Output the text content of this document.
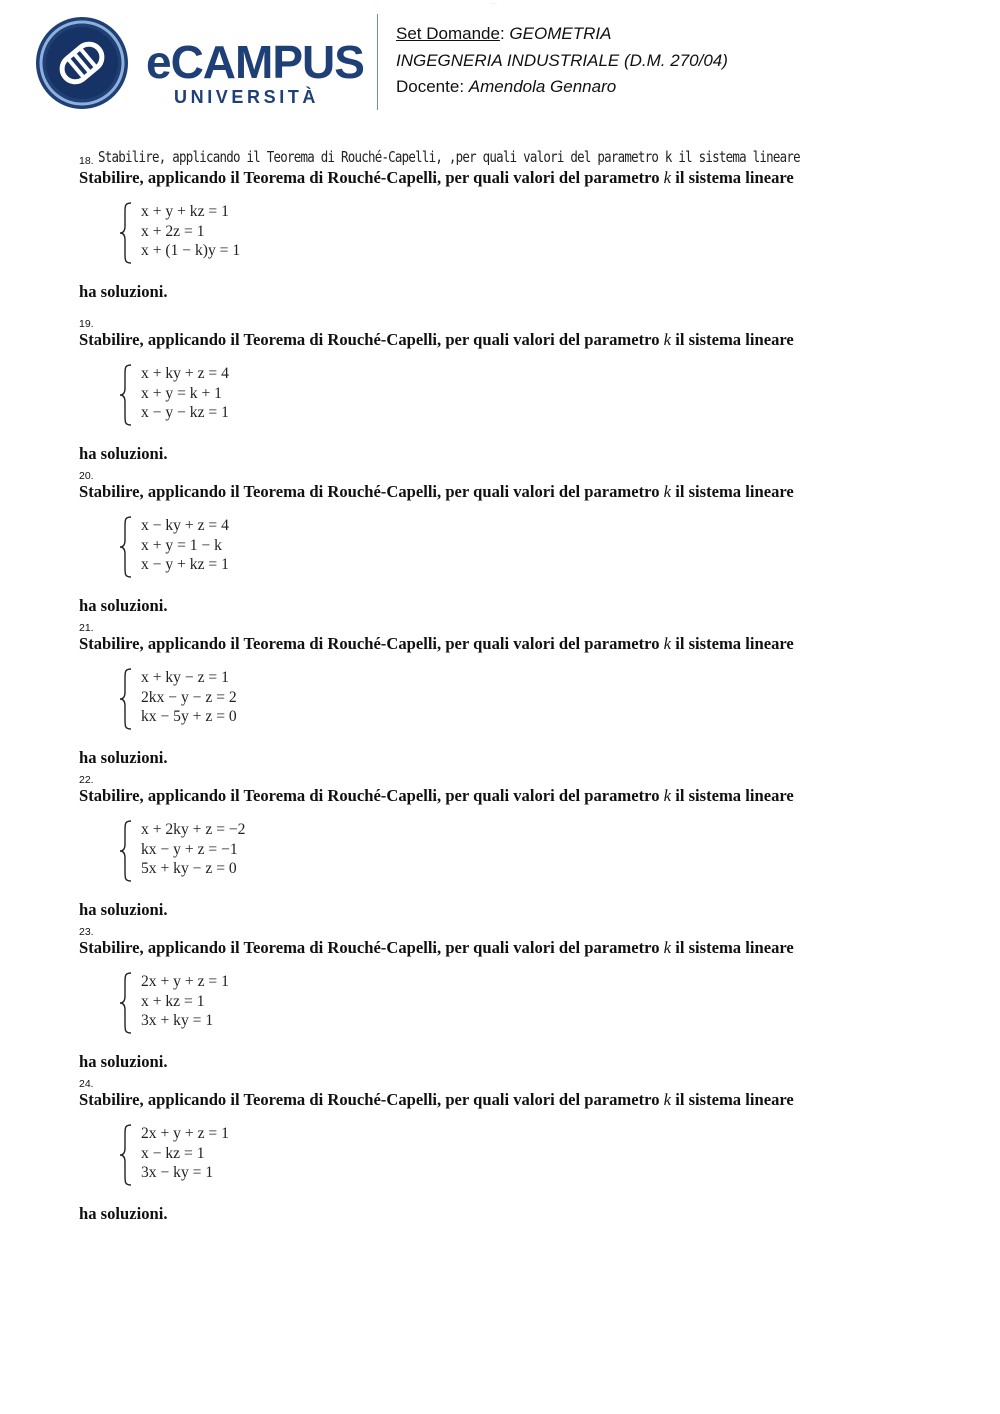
......
eCAMPUS
UNIVERSITÀ
Set Domande: GEOMETRIA
INGEGNERIA INDUSTRIALE (D.M. 270/04)
Docente: Amendola Gennaro
18. Stabilire, applicando il Teorema di Rouché-Capelli, ,per quali valori del parametro k il sistema lineare
Stabilire, applicando il Teorema di Rouché-Capelli, per quali valori del parametro k il sistema lineare
x + y + kz = 1
x + 2z = 1
x + (1 − k)y = 1
ha soluzioni.
19.
Stabilire, applicando il Teorema di Rouché-Capelli, per quali valori del parametro k il sistema lineare
x + ky + z = 4
x + y = k + 1
x − y − kz = 1
ha soluzioni.
20.
Stabilire, applicando il Teorema di Rouché-Capelli, per quali valori del parametro k il sistema lineare
x − ky + z = 4
x + y = 1 − k
x − y + kz = 1
ha soluzioni.
21.
Stabilire, applicando il Teorema di Rouché-Capelli, per quali valori del parametro k il sistema lineare
x + ky − z = 1
2kx − y − z = 2
kx − 5y + z = 0
ha soluzioni.
22.
Stabilire, applicando il Teorema di Rouché-Capelli, per quali valori del parametro k il sistema lineare
x + 2ky + z = −2
kx − y + z = −1
5x + ky − z = 0
ha soluzioni.
23.
Stabilire, applicando il Teorema di Rouché-Capelli, per quali valori del parametro k il sistema lineare
2x + y + z = 1
x + kz = 1
3x + ky = 1
ha soluzioni.
24.
Stabilire, applicando il Teorema di Rouché-Capelli, per quali valori del parametro k il sistema lineare
2x + y + z = 1
x − kz = 1
3x − ky = 1
ha soluzioni.
